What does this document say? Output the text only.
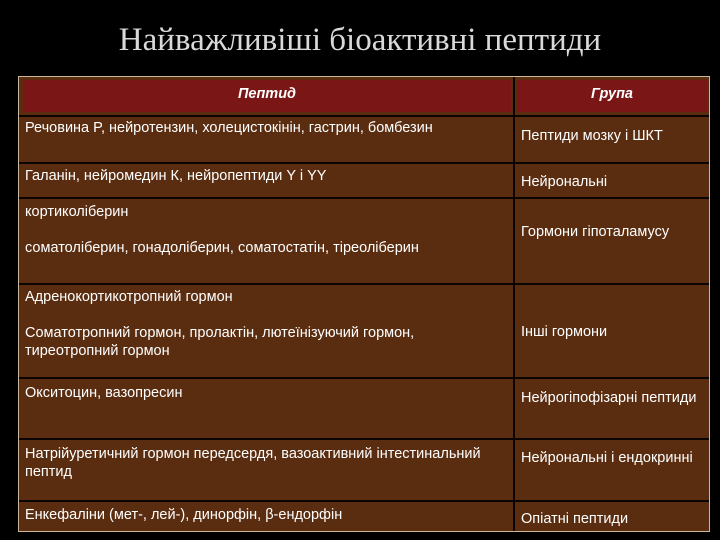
Найважливіші біоактивні пептиди
Пептид	Група
Речовина P, нейротензин, холецистокінін, гастрин, бомбезин
Галанін, нейромедин К, нейропептиди Y і YY
кортиколіберин
соматоліберин, гонадоліберин, соматостатін, тіреоліберин
Адренокортикотропний гормон
Соматотропний гормон, пролактін, лютеїнізуючий гормон, тиреотропний гормон
Окситоцин, вазопресин
Натрійуретичний гормон передсердя, вазоактивний інтестинальний пептид
Енкефаліни (мет-, лей-), динорфін, β-ендорфін
Пептиди мозку і ШКТ
Нейрональні
Гормони гіпоталамусу
Інші гормони
Нейрогіпофізарні пептиди
Нейрональні і ендокринні
Опіатні пептиди
